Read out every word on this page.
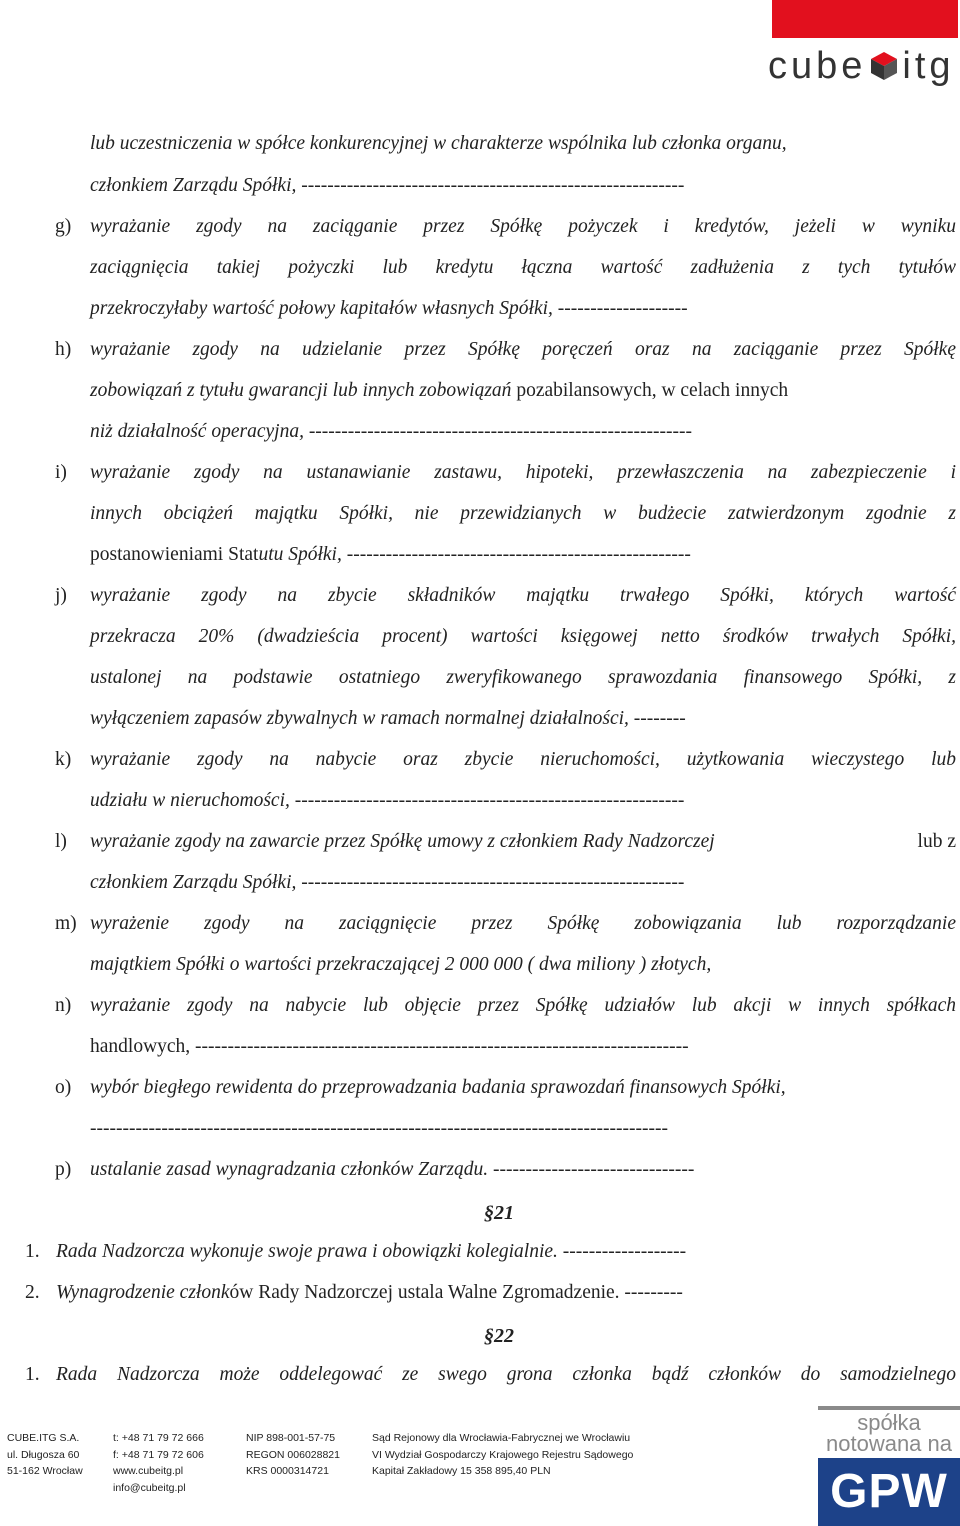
cube itg
lub uczestniczenia w spółce konkurencyjnej w charakterze wspólnika lub członka organu,
członkiem Zarządu Spółki, -----------------------------------------------------------
g) wyrażanie zgody na zaciąganie przez Spółkę pożyczek i kredytów, jeżeli w wyniku
zaciągnięcia takiej pożyczki lub kredytu łączna wartość zadłużenia z tych tytułów
przekroczyłaby wartość połowy kapitałów własnych Spółki, --------------------
h) wyrażanie zgody na udzielanie przez Spółkę poręczeń oraz na zaciąganie przez Spółkę
zobowiązań z tytułu gwarancji lub innych zobowiązań pozabilansowych, w celach innych
niż działalność operacyjna, -----------------------------------------------------------
i) wyrażanie zgody na ustanawianie zastawu, hipoteki, przewłaszczenia na zabezpieczenie i
innych obciążeń majątku Spółki, nie przewidzianych w budżecie zatwierdzonym zgodnie z
postanowieniami Statutu Spółki, -----------------------------------------------------
j) wyrażanie zgody na zbycie składników majątku trwałego Spółki, których wartość
przekracza 20% (dwadzieścia procent) wartości księgowej netto środków trwałych Spółki,
ustalonej na podstawie ostatniego zweryfikowanego sprawozdania finansowego Spółki, z
wyłączeniem zapasów zbywalnych w ramach normalnej działalności, --------
k) wyrażanie zgody na nabycie oraz zbycie nieruchomości, użytkowania wieczystego lub
udziału w nieruchomości, ------------------------------------------------------------
l) wyrażanie zgody na zawarcie przez Spółkę umowy z członkiem Rady Nadzorczej	lub z
członkiem Zarządu Spółki, -----------------------------------------------------------
m) wyrażenie zgody na zaciągnięcie przez Spółkę zobowiązania lub rozporządzanie
majątkiem Spółki o wartości przekraczającej 2 000 000 ( dwa miliony ) złotych,
n) wyrażanie zgody na nabycie lub objęcie przez Spółkę udziałów lub akcji w innych spółkach
handlowych, ----------------------------------------------------------------------------
o) wybór biegłego rewidenta do przeprowadzania badania sprawozdań finansowych Spółki,
-----------------------------------------------------------------------------------------
p) ustalanie zasad wynagradzania członków Zarządu. -------------------------------
§21
1. Rada Nadzorcza wykonuje swoje prawa i obowiązki kolegialnie. -------------------
2. Wynagrodzenie członków Rady Nadzorczej ustala Walne Zgromadzenie. ---------
§22
1. Rada Nadzorcza może oddelegować ze swego grona członka bądź członków do samodzielnego
CUBE.ITG S.A.
ul. Długosza 60
51-162 Wrocław
t: +48 71 79 72 666
f: +48 71 79 72 606
www.cubeitg.pl
info@cubeitg.pl
NIP 898-001-57-75
REGON 006028821
KRS 0000314721
Sąd Rejonowy dla Wrocławia-Fabrycznej we Wrocławiu
VI Wydział Gospodarczy Krajowego Rejestru Sądowego
Kapitał Zakładowy 15 358 895,40 PLN
spółka
notowana na
GPW
